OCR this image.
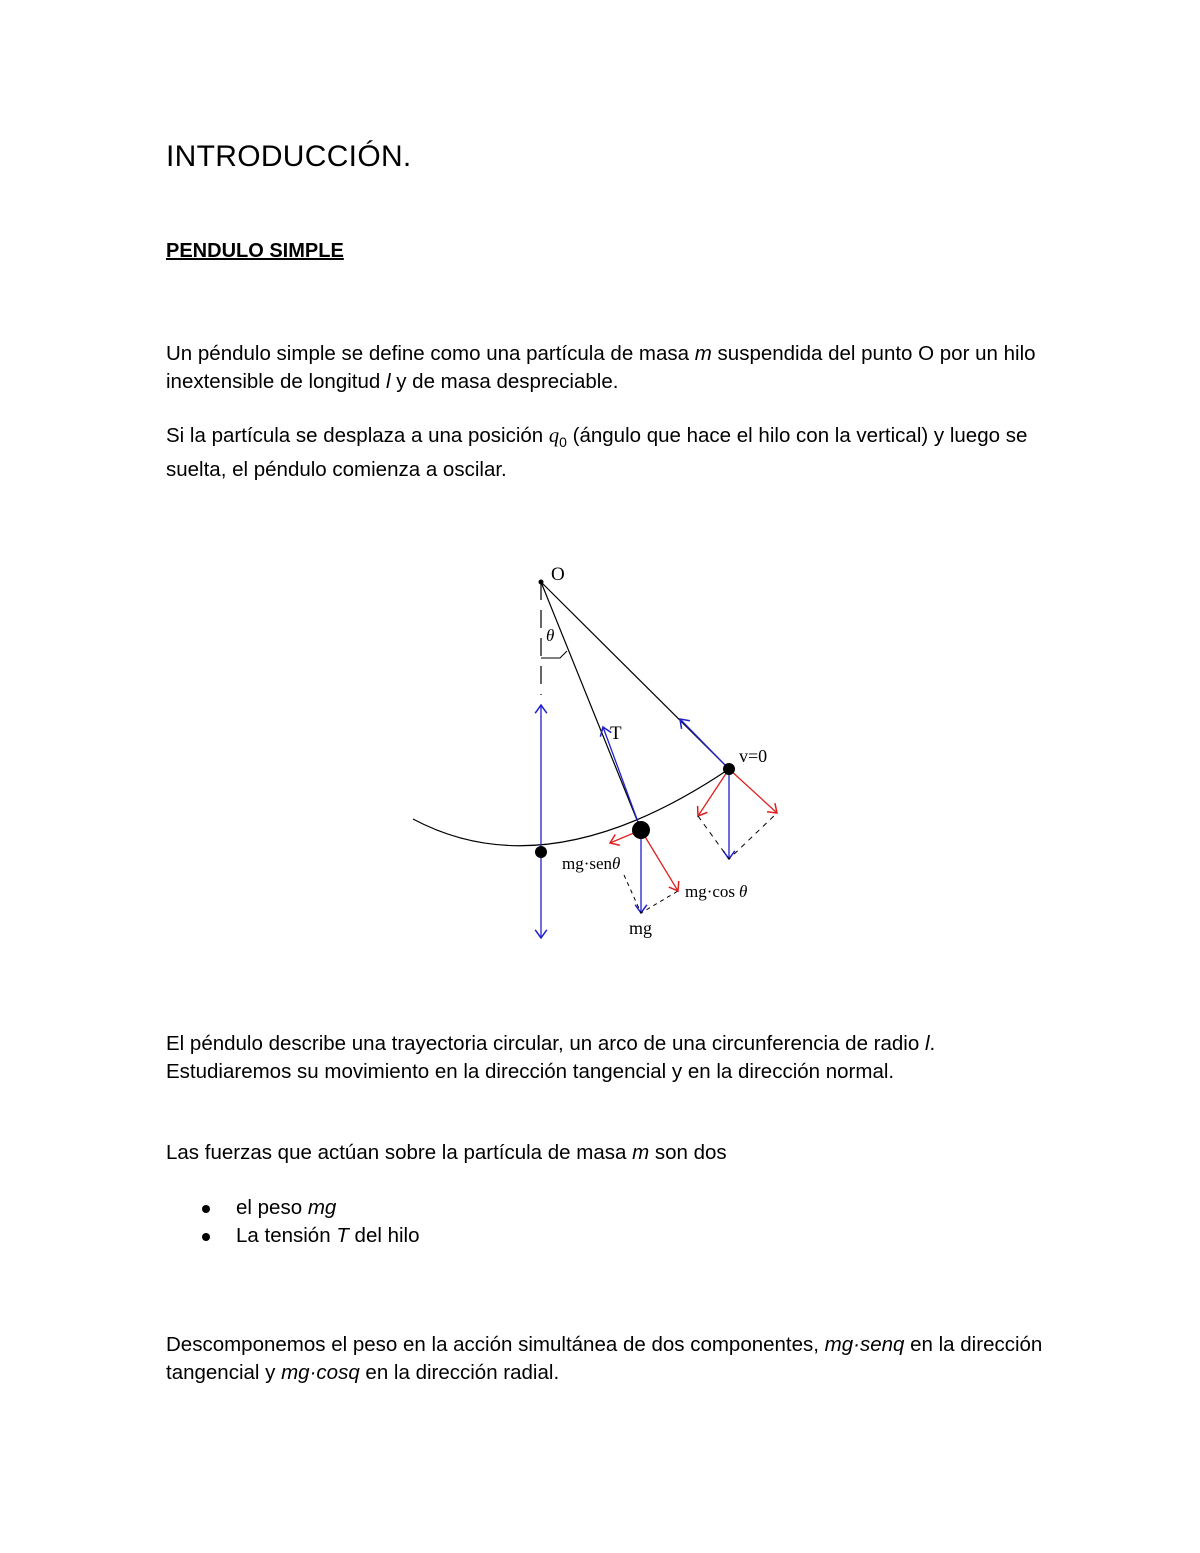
INTRODUCCIÓN.
PENDULO SIMPLE

Un péndulo simple se define como una partícula de masa m suspendida del punto O por un hilo inextensible de longitud l y de masa despreciable.

Si la partícula se desplaza a una posición $q_0$ (ángulo que hace el hilo con la vertical) y luego se suelta, el péndulo comienza a oscilar.

O
θ
T
v=0
mg·senθ
mg·cos θ
mg

El péndulo describe una trayectoria circular, un arco de una circunferencia de radio l. Estudiaremos su movimiento en la dirección tangencial y en la dirección normal.

Las fuerzas que actúan sobre la partícula de masa m son dos

el peso mg
La tensión T del hilo

Descomponemos el peso en la acción simultánea de dos componentes, mg·senq en la dirección tangencial y mg·cosq en la dirección radial.
